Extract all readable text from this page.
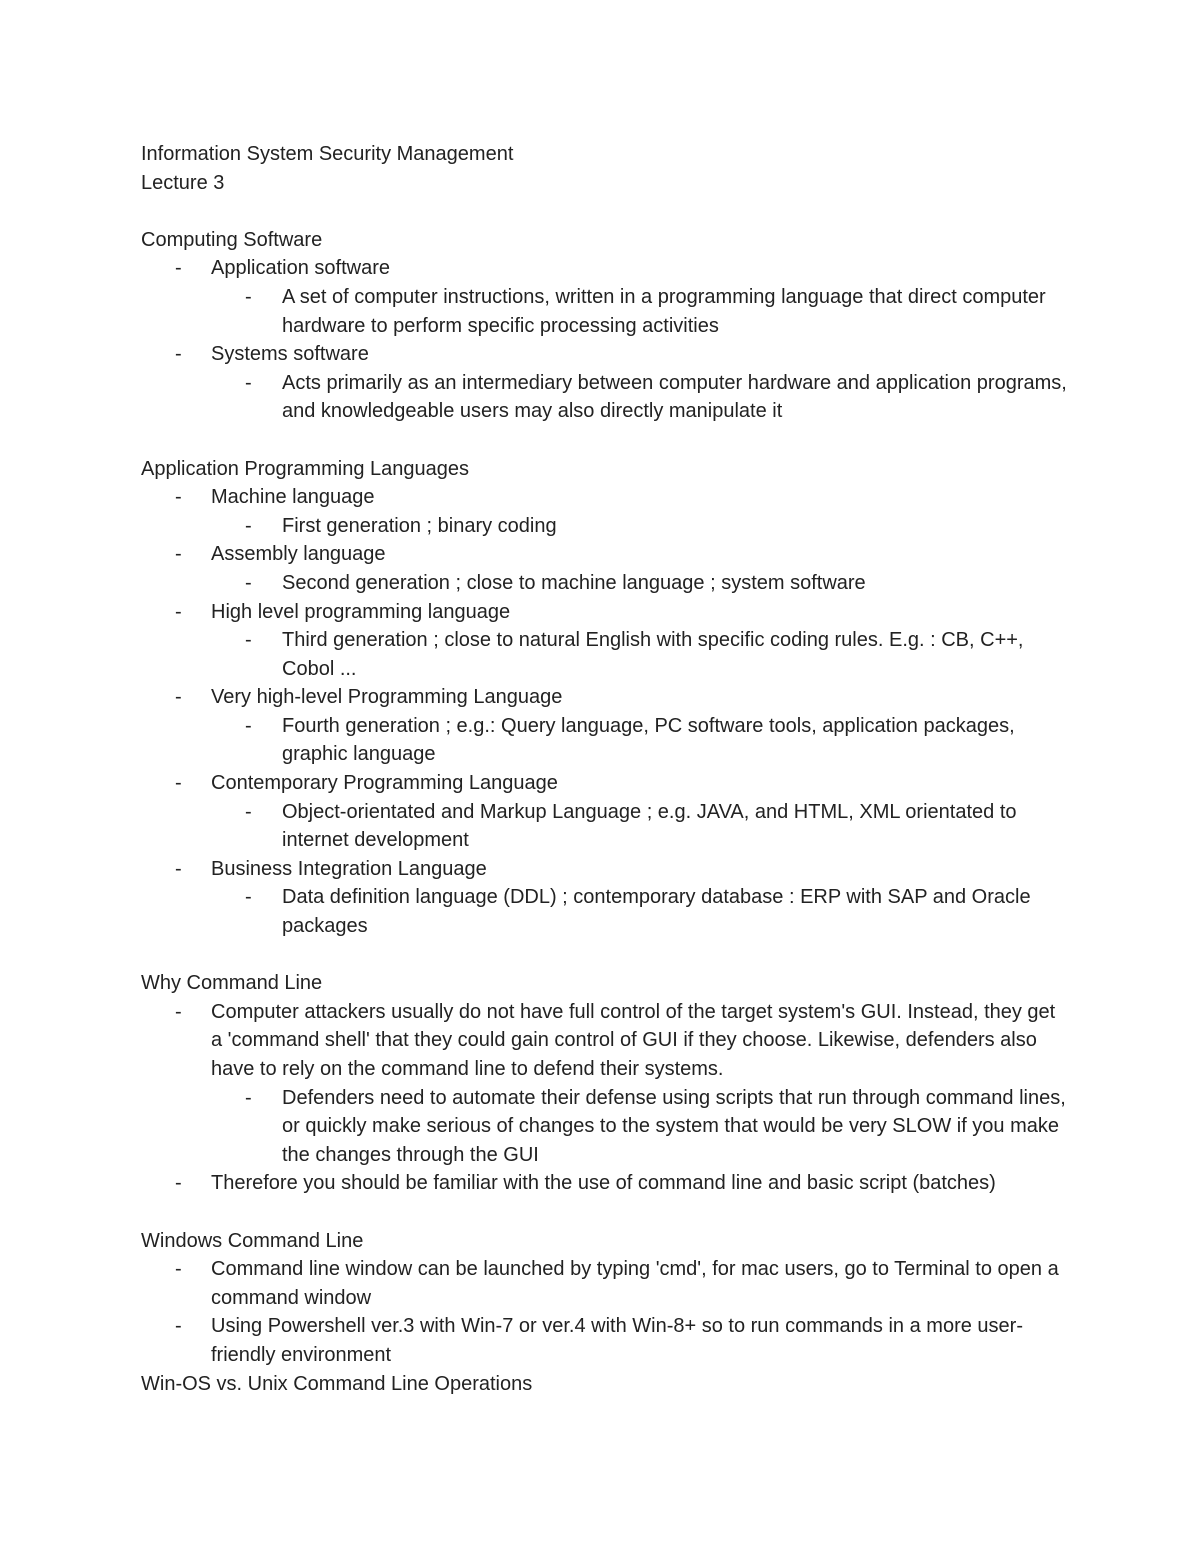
Information System Security Management

Lecture 3

Computing Software

-	Application software
-	A set of computer instructions, written in a programming language that direct computer hardware to perform specific processing activities
-	Systems software
-	Acts primarily as an intermediary between computer hardware and application programs, and knowledgeable users may also directly manipulate it

Application Programming Languages

-	Machine language
-	First generation ; binary coding
-	Assembly language
-	Second generation ; close to machine language ; system software
-	High level programming language
-	Third generation ; close to natural English with specific coding rules. E.g. : CB, C++, Cobol ...
-	Very high-level Programming Language
-	Fourth generation ; e.g.: Query language, PC software tools, application packages, graphic language
-	Contemporary Programming Language
-	Object-orientated and Markup Language ; e.g. JAVA, and HTML, XML orientated to internet development
-	Business Integration Language
-	Data definition language (DDL) ; contemporary database : ERP with SAP and Oracle packages

Why Command Line

-	Computer attackers usually do not have full control of the target system's GUI. Instead, they get a 'command shell' that they could gain control of GUI if they choose. Likewise, defenders also have to rely on the command line to defend their systems.
-	Defenders need to automate their defense using scripts that run through command lines, or quickly make serious of changes to the system that would be very SLOW if you make the changes through the GUI
-	Therefore you should be familiar with the use of command line and basic script (batches)

Windows Command Line

-	Command line window can be launched by typing 'cmd', for mac users, go to Terminal to open a command window
-	Using Powershell ver.3 with Win-7 or ver.4 with Win-8+ so to run commands in a more user-friendly environment

Win-OS vs. Unix Command Line Operations
